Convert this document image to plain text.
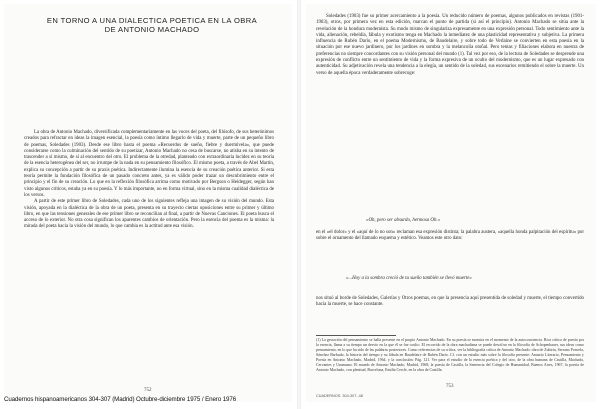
EN TORNO A UNA DIALECTICA POETICA EN LA OBRA
DE ANTONIO MACHADO

La obra de Antonio Machado, diversificada complementariamente en las voces del poeta, del filósofo, de sus heterónimos creados para refractar en ideas la imagen esencial, la poesía como íntimo llegarlo de vida y muerte, parte de un pequeño libro de poemas, Soledades (1903). Desde ese libro hasta el poema «Recuerdos de sueño, fiebre y duermivela», que puede considerarse como la culminación del sentido de su poetizar, Antonio Machado no cesa de buscarse, no atisba en su intento de trascender a sí mismo, de sí al encuentro del otro. El problema de la otredad, planteado con extraordinaria lucidez en su teoría de la esencia heterogénea del ser, no irrumpe de la nada en su pensamiento filosófico. El mismo poeta, a través de Abel Martín, explica su concepción a partir de su praxis poética. Indirectamente ilumina la esencia de su creación poética anterior. Si esta teoría permite la fundación filosófica de un pasado concreto antes, ya es válido poder trazar un descubrimiento entre el principio y el fin de su creación. Lo que en la reflexión filosófica arrima como motivado por Bergson o Heidegger, según han visto algunos críticos, estaba ya en su poesía. Y lo más importante, no en forma virtual, sino en la misma cualidad dialéctica de los versos.

A partir de este primer libro de Soledades, cada uno de los siguientes refleja una imagen de su visión del mundo. Esta visión, apoyada en la dialéctica de la obra de un poeta, presenta en su trayecto ciertas oposiciones entre su primer y último libro, en que las tensiones generales de ese primer libro se reconcilian al final, a partir de Nuevas Canciones. El poeta busca el acceso de lo exterior. No otra cosa significan los aparentes cambios de orientación. Pero la esencia del poema es la misma: la mirada del poeta hacia la visión del mundo, lo que cambia es la actitud ante esa visión.

752

Soledades (1903) fue su primer acercamiento a la poesía. Un reducido número de poemas, algunos publicados en revistas (1901-1903), otros, por primera vez en esta edición, marcan el punto de partida (si así el principio). Antonio Machado se sitúa ante la revelación de la hondura modernista. Su modo mismo de singulariza expresamente en una expresión personal. Todo sentimiento ante la vida, alienación, rebeldía, fábula y exotismo tenga en Machado la inmediatez de una plasticidad representativa y subjetiva. La primera influencia de Rubén Darío, en el poema Modernismo, de Baudelaire, y sobre todo de Verlaine se convierten en esta poesía en la situación por ese nuevo jardinero, por los jardines en sombra y la melancolía otoñal. Pero temas y filiaciones elabora en nuestra de preferencias no siempre concordantes con su visión personal del mundo (1). Tal vez por eso, de la lectura de Soledades se desprende una expresión de conflicto entre un sentimiento de vida y la forma expresiva de un oculto del modernismo, que es un lugar expresado con autenticidad. Su adjetivación revela una tendencia a la elegía, un sentido de la soledad, sus escenarios remitiendo el sobre la muerte. Un verso de aquella época verdaderamente sobrecoge:

«Oh, pero ser absurdo, hermosa Oh.»

en el «el dolor» y el «aquí de lo no son» reclaman esa expresión distinta; la palabra austera, «aquella honda palpitación del espíritu» por sobre el ornamento del llamado esquema y estético. Veamos este otro dato:

«...Hoy a la sombra creció de tu sueño también se llevó muerte»

nos situó al borde de Soledades, Galerías y Otros poemas, en que la presencia aquí presentida de soledad y muerte, el tiempo convertido hacia la muerte, se hace constante.

(1) La gestación del pensamiento se halla presente en el propio Antonio Machado. En su poesía se muestra en el momento de la autoconciencia. Rica crítica de poesía por la esencia, llama a su tiempo un desvío en la que él se fue oculto. El recorrido de la obra machadiana se puede descifrar en la filosofía de Schopenhauer, sus ideas como pensamiento, en lo que ha sido de las palabras posteriores. Como referencias de su crítica, ver la bibliografía crítica de Antonio Machado: obra de Zubiría, Serrano Poncela, Sánchez Barbudo, la historia del tiempo y su fábula en Baudelaire de Rubén Darío. Cf. con un estudio más sobre la filosofía presente: Anuario Literario, Pensamiento y Poesía en Antonio Machado, Madrid, 1964, y la conclusión: Pág. 121. Ver para el estudio de la esencia poética y del otro, de la obra humana de Castilla, Machado, Cervantes y Unamuno: El mundo de Antonio Machado, Madrid, 1968; la poesía de Castilla, la Sentencia del Colegio de Humanidad, Buenos Aires, 1967; la poesía de Antonio Machado, con plenitud, Barcelona, Emilia Cercle, en la obra de Castilla.

753
CUADERNOS. 304-307.-48
Cuadernos hispanoamericanos 304-307 (Madrid) Octubre-diciembre 1975 / Enero 1976
